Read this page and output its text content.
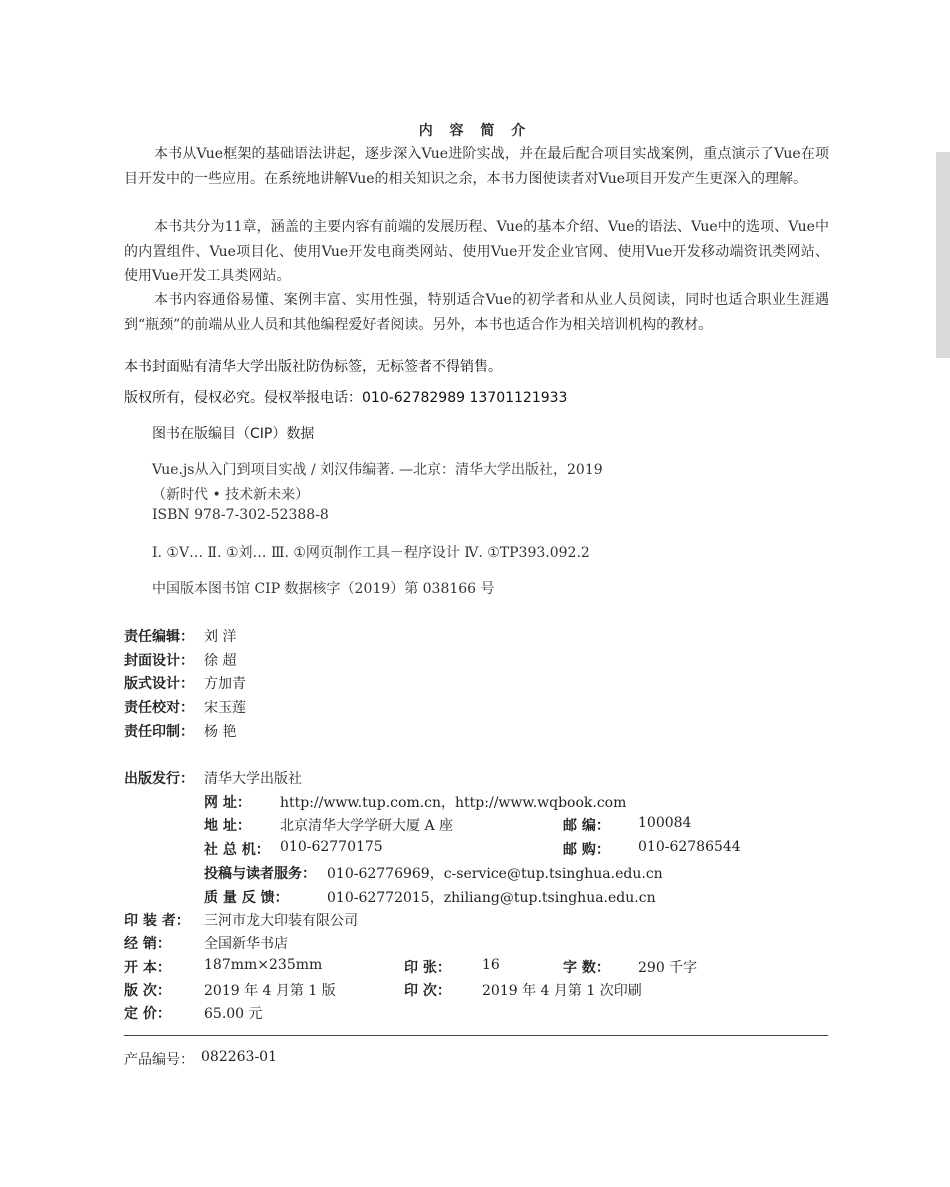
内 容 简 介
本书从Vue框架的基础语法讲起，逐步深入Vue进阶实战，并在最后配合项目实战案例，重点演示了Vue在项目开发中的一些应用。在系统地讲解Vue的相关知识之余，本书力图使读者对Vue项目开发产生更深入的理解。
本书共分为11章，涵盖的主要内容有前端的发展历程、Vue的基本介绍、Vue的语法、Vue中的选项、Vue中的内置组件、Vue项目化、使用Vue开发电商类网站、使用Vue开发企业官网、使用Vue开发移动端资讯类网站、使用Vue开发工具类网站。
本书内容通俗易懂、案例丰富、实用性强，特别适合Vue的初学者和从业人员阅读，同时也适合职业生涯遇到“瓶颈”的前端从业人员和其他编程爱好者阅读。另外，本书也适合作为相关培训机构的教材。
本书封面贴有清华大学出版社防伪标签，无标签者不得销售。
版权所有，侵权必究。侵权举报电话：010-62782989 13701121933
图书在版编目（CIP）数据
Vue.js从入门到项目实战 / 刘汉伟编著. —北京：清华大学出版社，2019
（新时代 • 技术新未来）
ISBN 978-7-302-52388-8
Ⅰ. ①V… Ⅱ. ①刘… Ⅲ. ①网页制作工具－程序设计 Ⅳ. ①TP393.092.2
中国版本图书馆 CIP 数据核字（2019）第 038166 号
责任编辑： 刘 洋
封面设计： 徐 超
版式设计： 方加青
责任校对： 宋玉莲
责任印制： 杨 艳
出版发行： 清华大学出版社
网 址： http://www.tup.com.cn，http://www.wqbook.com
地 址： 北京清华大学学研大厦 A 座	邮 编： 100084
社 总 机： 010-62770175	邮 购： 010-62786544
投稿与读者服务： 010-62776969，c-service@tup.tsinghua.edu.cn
质 量 反 馈：	010-62772015，zhiliang@tup.tsinghua.edu.cn
印 装 者： 三河市龙大印装有限公司
经 销： 全国新华书店
开 本： 187mm×235mm	印 张： 16	字 数： 290 千字
版 次： 2019 年 4 月第 1 版	印 次： 2019 年 4 月第 1 次印刷
定 价： 65.00 元
产品编号： 082263-01
